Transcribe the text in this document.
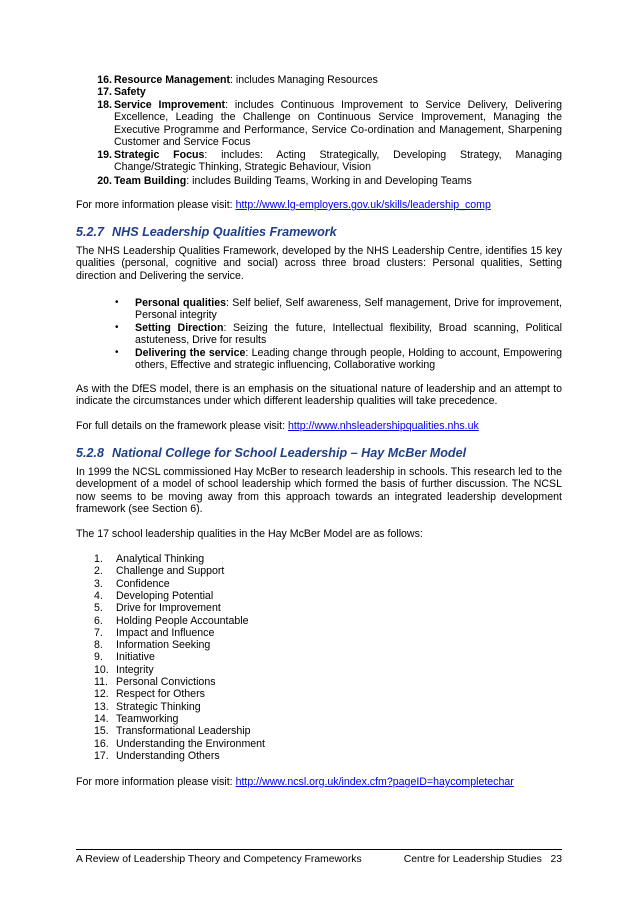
16. Resource Management: includes Managing Resources
17. Safety
18. Service Improvement: includes Continuous Improvement to Service Delivery, Delivering Excellence, Leading the Challenge on Continuous Service Improvement, Managing the Executive Programme and Performance, Service Co-ordination and Management, Sharpening Customer and Service Focus
19. Strategic Focus: includes: Acting Strategically, Developing Strategy, Managing Change/Strategic Thinking, Strategic Behaviour, Vision
20. Team Building: includes Building Teams, Working in and Developing Teams
For more information please visit: http://www.lg-employers.gov.uk/skills/leadership_comp
5.2.7 NHS Leadership Qualities Framework
The NHS Leadership Qualities Framework, developed by the NHS Leadership Centre, identifies 15 key qualities (personal, cognitive and social) across three broad clusters: Personal qualities, Setting direction and Delivering the service.
• Personal qualities: Self belief, Self awareness, Self management, Drive for improvement, Personal integrity
• Setting Direction: Seizing the future, Intellectual flexibility, Broad scanning, Political astuteness, Drive for results
• Delivering the service: Leading change through people, Holding to account, Empowering others, Effective and strategic influencing, Collaborative working
As with the DfES model, there is an emphasis on the situational nature of leadership and an attempt to indicate the circumstances under which different leadership qualities will take precedence.
For full details on the framework please visit: http://www.nhsleadershipqualities.nhs.uk
5.2.8 National College for School Leadership – Hay McBer Model
In 1999 the NCSL commissioned Hay McBer to research leadership in schools. This research led to the development of a model of school leadership which formed the basis of further discussion. The NCSL now seems to be moving away from this approach towards an integrated leadership development framework (see Section 6).
The 17 school leadership qualities in the Hay McBer Model are as follows:
1.	Analytical Thinking
2.	Challenge and Support
3.	Confidence
4.	Developing Potential
5.	Drive for Improvement
6.	Holding People Accountable
7.	Impact and Influence
8.	Information Seeking
9.	Initiative
10. Integrity
11. Personal Convictions
12. Respect for Others
13. Strategic Thinking
14. Teamworking
15. Transformational Leadership
16. Understanding the Environment
17. Understanding Others
For more information please visit: http://www.ncsl.org.uk/index.cfm?pageID=haycompletechar
A Review of Leadership Theory and Competency Frameworks	Centre for Leadership Studies 23
